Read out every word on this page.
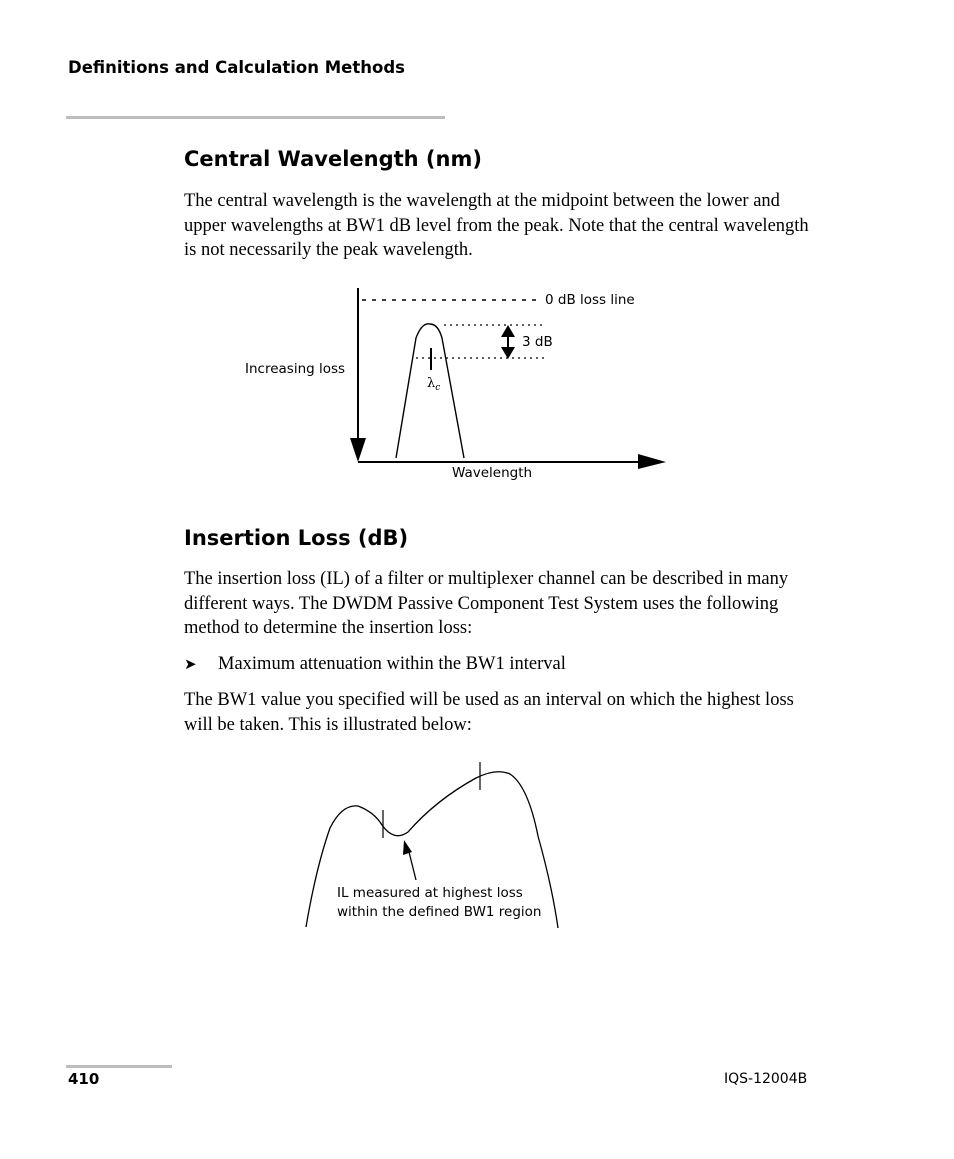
Definitions and Calculation Methods
Central Wavelength (nm)

The central wavelength is the wavelength at the midpoint between the lower and upper wavelengths at BW1 dB level from the peak. Note that the central wavelength is not necessarily the peak wavelength.

0 dB loss line
3 dB
$\lambda_c$
Increasing loss
Wavelength
Insertion Loss (dB)

The insertion loss (IL) of a filter or multiplexer channel can be described in many different ways. The DWDM Passive Component Test System uses the following method to determine the insertion loss:

➤ Maximum attenuation within the BW1 interval

The BW1 value you specified will be used as an interval on which the highest loss will be taken. This is illustrated below:

IL measured at highest loss
within the defined BW1 region
410	IQS-12004B
